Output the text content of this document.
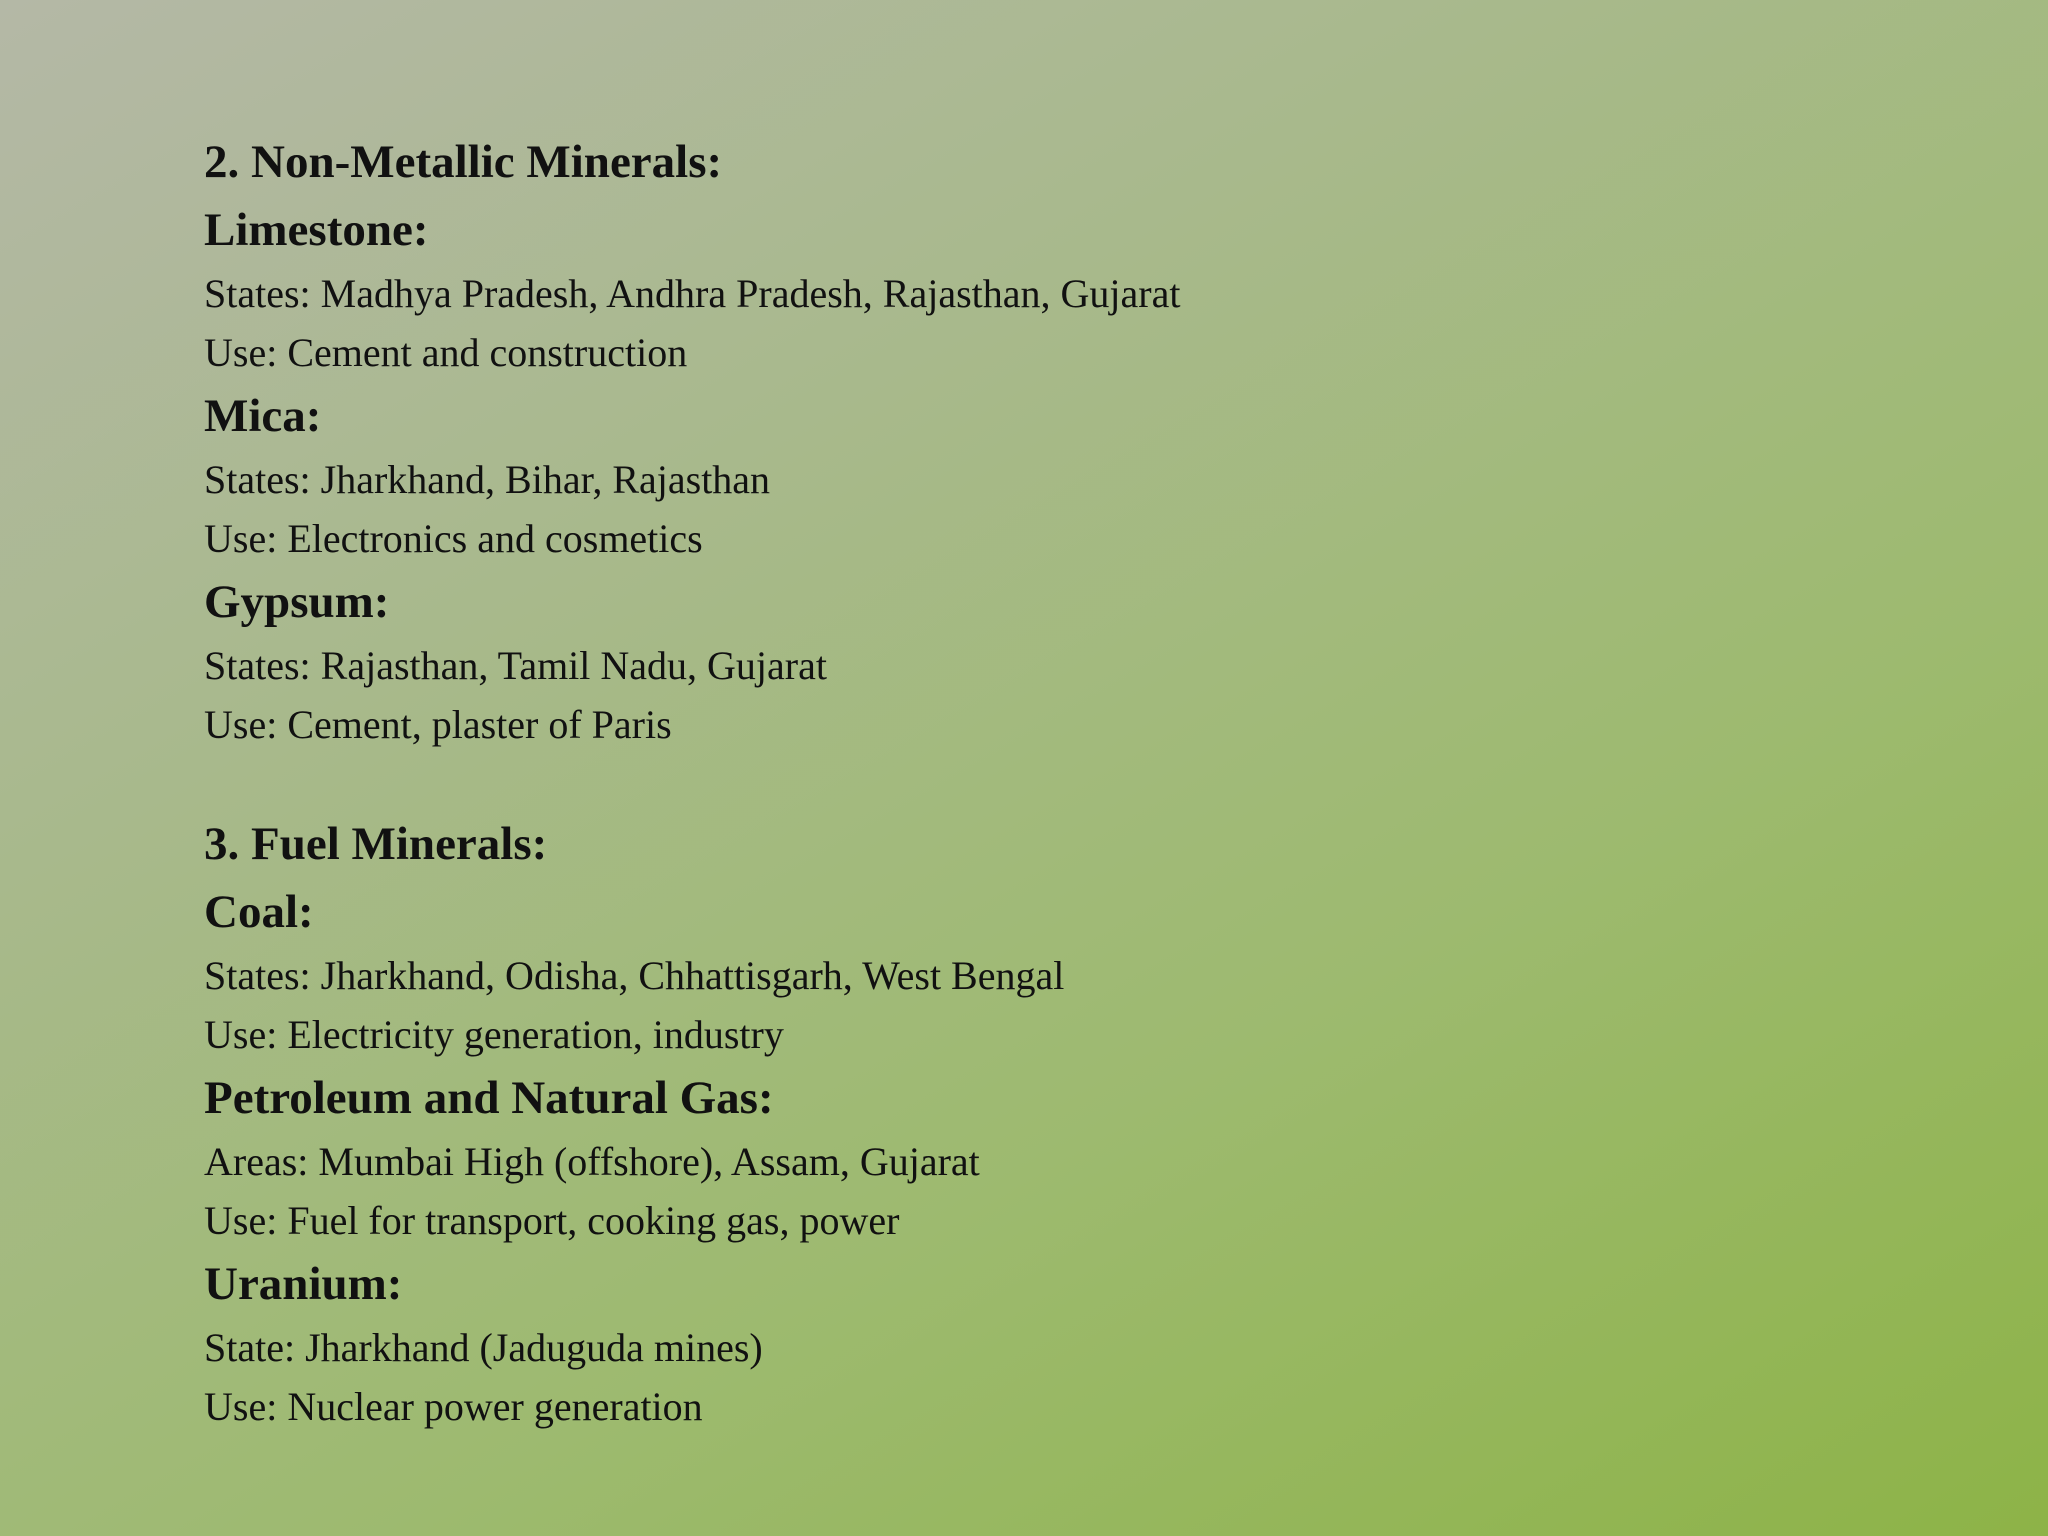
2. Non-Metallic Minerals:

Limestone:

States: Madhya Pradesh, Andhra Pradesh, Rajasthan, Gujarat

Use: Cement and construction

Mica:

States: Jharkhand, Bihar, Rajasthan

Use: Electronics and cosmetics

Gypsum:

States: Rajasthan, Tamil Nadu, Gujarat

Use: Cement, plaster of Paris

3. Fuel Minerals:

Coal:

States: Jharkhand, Odisha, Chhattisgarh, West Bengal

Use: Electricity generation, industry

Petroleum and Natural Gas:

Areas: Mumbai High (offshore), Assam, Gujarat

Use: Fuel for transport, cooking gas, power

Uranium:

State: Jharkhand (Jaduguda mines)

Use: Nuclear power generation
